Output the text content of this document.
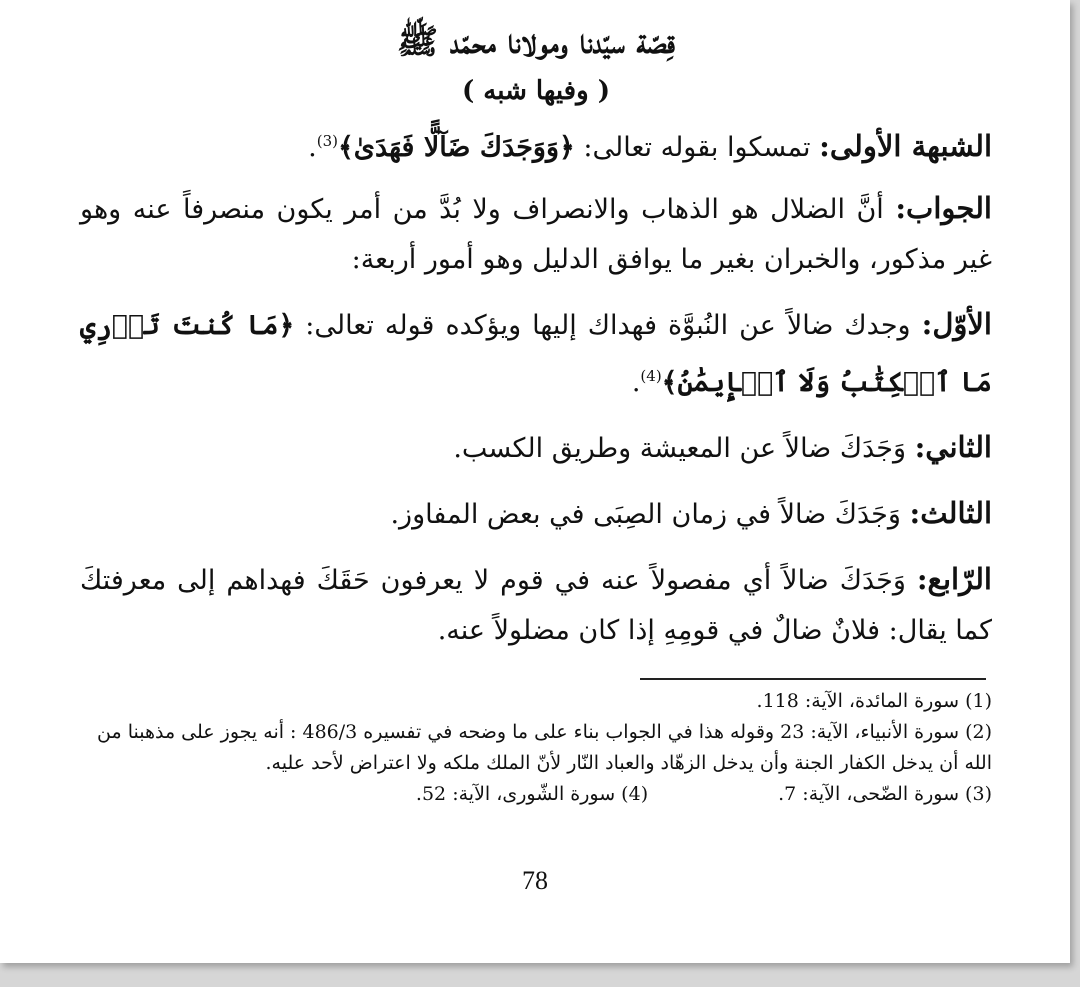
قِصّة سيّدنا ومولانا محمّد ﷺ
( وفيها شبه )

الشبهة الأولى: تمسكوا بقوله تعالى: ﴿وَوَجَدَكَ ضَآلًّا فَهَدَىٰ﴾$^{(3)}$.

الجواب: أنَّ الضلال هو الذهاب والانصراف ولا بُدَّ من أمر يكون منصرفاً عنه وهو غير مذكور، والخبران بغير ما يوافق الدليل وهو أمور أربعة:

الأوّل: وجدك ضالاً عن النُبوَّة فهداك إليها ويؤكده قوله تعالى: ﴿مَا كُنتَ تَدۡرِي مَا ٱلۡكِتَٰبُ وَلَا ٱلۡإِيمَٰنُ﴾$^{(4)}$.

الثاني: وَجَدَكَ ضالاً عن المعيشة وطريق الكسب.

الثالث: وَجَدَكَ ضالاً في زمان الصِبَى في بعض المفاوز.

الرّابع: وَجَدَكَ ضالاً أي مفصولاً عنه في قوم لا يعرفون حَقَكَ فهداهم إلى معرفتكَ كما يقال: فلانٌ ضالٌ في قومِهِ إذا كان مضلولاً عنه.

(1) سورة المائدة، الآية: 118.

(2) سورة الأنبياء، الآية: 23 وقوله هذا في الجواب بناء على ما وضحه في تفسيره 486/3 : أنه يجوز على مذهبنا من الله أن يدخل الكفار الجنة وأن يدخل الزهّاد والعباد النّار لأنّ الملك ملكه ولا اعتراض لأحد عليه.

(3) سورة الضّحى، الآية: 7.
(4) سورة الشّورى، الآية: 52.
78
